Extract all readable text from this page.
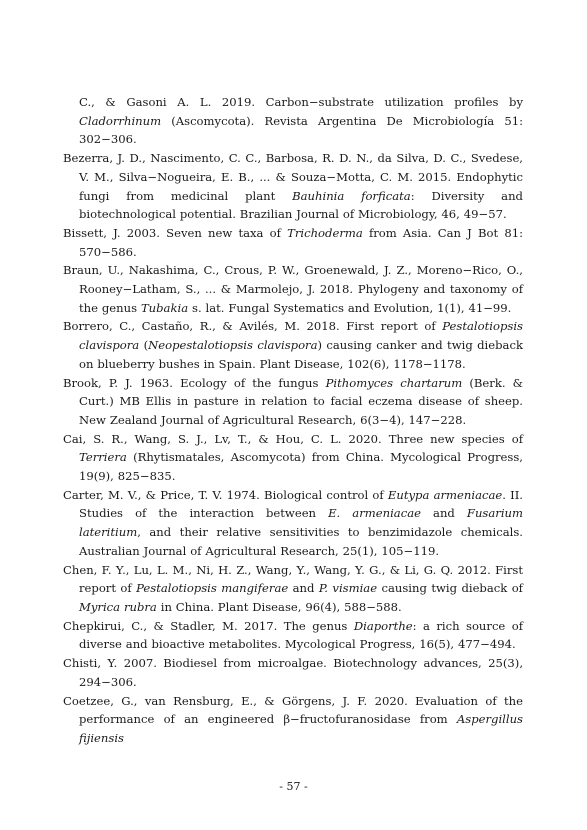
C., & Gasoni A. L. 2019. Carbon−substrate utilization profiles by Cladorrhinum (Ascomycota). Revista Argentina De Microbiología 51: 302−306.

Bezerra, J. D., Nascimento, C. C., Barbosa, R. D. N., da Silva, D. C., Svedese, V. M., Silva−Nogueira, E. B., ... & Souza−Motta, C. M. 2015. Endophytic fungi from medicinal plant Bauhinia forficata: Diversity and biotechnological potential. Brazilian Journal of Microbiology, 46, 49−57.

Bissett, J. 2003. Seven new taxa of Trichoderma from Asia. Can J Bot 81: 570−586.

Braun, U., Nakashima, C., Crous, P. W., Groenewald, J. Z., Moreno−Rico, O., Rooney−Latham, S., ... & Marmolejo, J. 2018. Phylogeny and taxonomy of the genus Tubakia s. lat. Fungal Systematics and Evolution, 1(1), 41−99.

Borrero, C., Castaño, R., & Avilés, M. 2018. First report of Pestalotiopsis clavispora (Neopestalotiopsis clavispora) causing canker and twig dieback on blueberry bushes in Spain. Plant Disease, 102(6), 1178−1178.

Brook, P. J. 1963. Ecology of the fungus Pithomyces chartarum (Berk. & Curt.) MB Ellis in pasture in relation to facial eczema disease of sheep. New Zealand Journal of Agricultural Research, 6(3−4), 147−228.

Cai, S. R., Wang, S. J., Lv, T., & Hou, C. L. 2020. Three new species of Terriera (Rhytismatales, Ascomycota) from China. Mycological Progress, 19(9), 825−835.

Carter, M. V., & Price, T. V. 1974. Biological control of Eutypa armeniacae. II. Studies of the interaction between E. armeniacae and Fusarium lateritium, and their relative sensitivities to benzimidazole chemicals. Australian Journal of Agricultural Research, 25(1), 105−119.

Chen, F. Y., Lu, L. M., Ni, H. Z., Wang, Y., Wang, Y. G., & Li, G. Q. 2012. First report of Pestalotiopsis mangiferae and P. vismiae causing twig dieback of Myrica rubra in China. Plant Disease, 96(4), 588−588.

Chepkirui, C., & Stadler, M. 2017. The genus Diaporthe: a rich source of diverse and bioactive metabolites. Mycological Progress, 16(5), 477−494.

Chisti, Y. 2007. Biodiesel from microalgae. Biotechnology advances, 25(3), 294−306.

Coetzee, G., van Rensburg, E., & Görgens, J. F. 2020. Evaluation of the performance of an engineered β−fructofuranosidase from Aspergillus fijiensis

- 57 -
